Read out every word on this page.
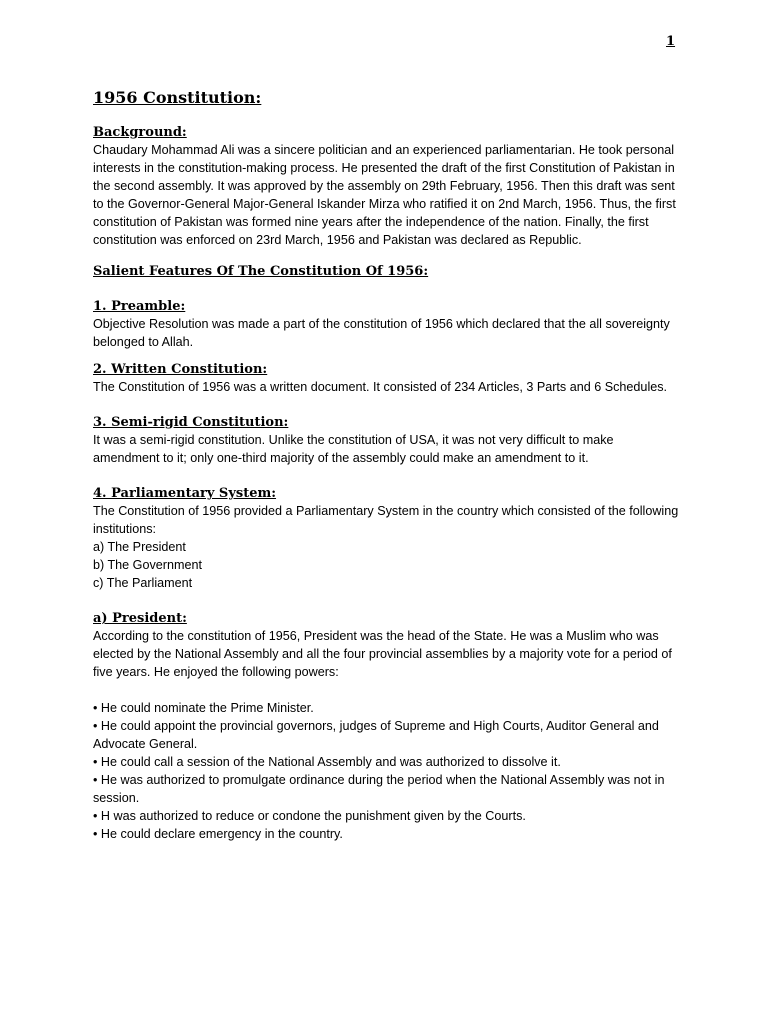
1
1956 Constitution:
Background:

Chaudary Mohammad Ali was a sincere politician and an experienced parliamentarian. He took personal interests in the constitution-making process. He presented the draft of the first Constitution of Pakistan in the second assembly. It was approved by the assembly on 29th February, 1956. Then this draft was sent to the Governor-General Major-General Iskander Mirza who ratified it on 2nd March, 1956. Thus, the first constitution of Pakistan was formed nine years after the independence of the nation. Finally, the first constitution was enforced on 23rd March, 1956 and Pakistan was declared as Republic.

Salient Features Of The Constitution Of 1956:
1. Preamble:

Objective Resolution was made a part of the constitution of 1956 which declared that the all sovereignty belonged to Allah.

2. Written Constitution:

The Constitution of 1956 was a written document. It consisted of 234 Articles, 3 Parts and 6 Schedules.

3. Semi-rigid Constitution:

It was a semi-rigid constitution. Unlike the constitution of USA, it was not very difficult to make amendment to it; only one-third majority of the assembly could make an amendment to it.

4. Parliamentary System:

The Constitution of 1956 provided a Parliamentary System in the country which consisted of the following institutions:

a) The President

b) The Government

c) The Parliament

a) President:

According to the constitution of 1956, President was the head of the State. He was a Muslim who was elected by the National Assembly and all the four provincial assemblies by a majority vote for a period of five years. He enjoyed the following powers:

• He could nominate the Prime Minister.

• He could appoint the provincial governors, judges of Supreme and High Courts, Auditor General and Advocate General.

• He could call a session of the National Assembly and was authorized to dissolve it.

• He was authorized to promulgate ordinance during the period when the National Assembly was not in session.

• H was authorized to reduce or condone the punishment given by the Courts.

• He could declare emergency in the country.
